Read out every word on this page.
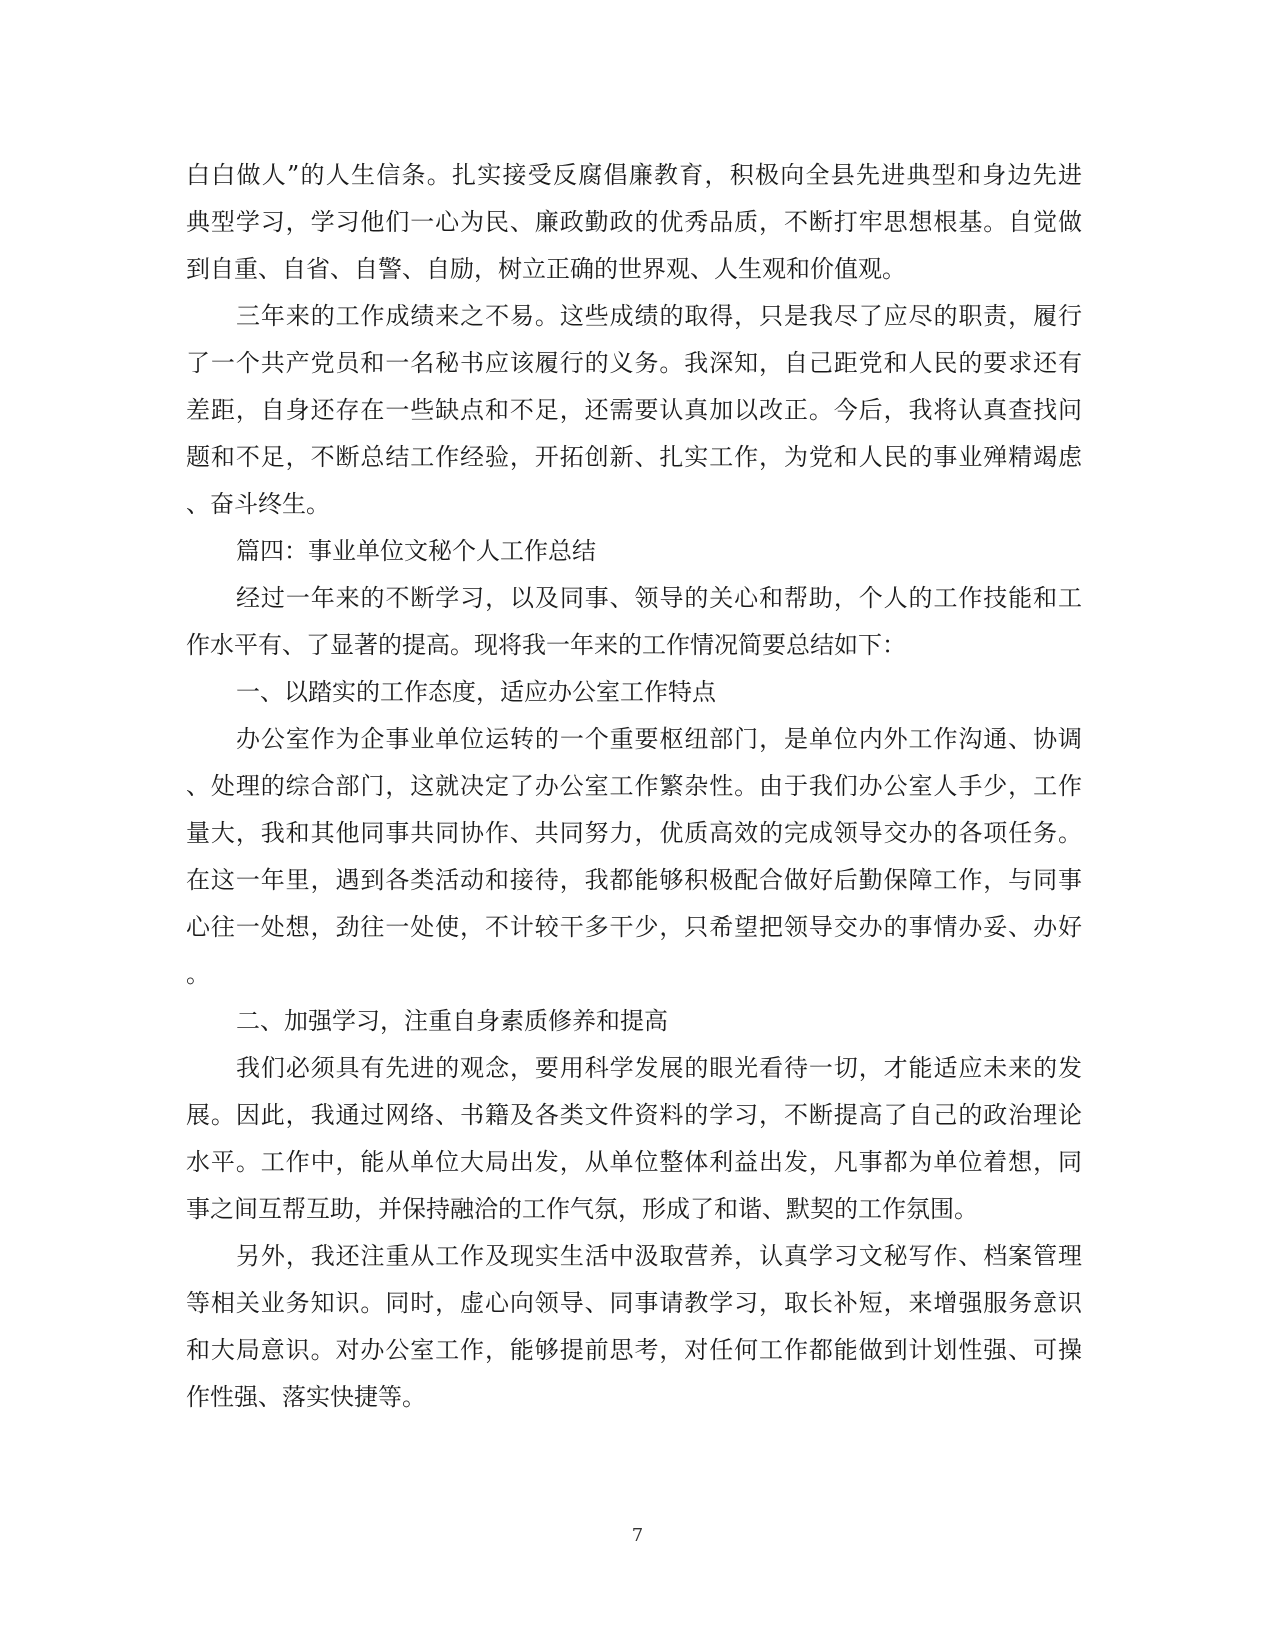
白白做人”的人生信条。扎实接受反腐倡廉教育，积极向全县先进典型和身边先进
典型学习，学习他们一心为民、廉政勤政的优秀品质，不断打牢思想根基。自觉做
到自重、自省、自警、自励，树立正确的世界观、人生观和价值观。
三年来的工作成绩来之不易。这些成绩的取得，只是我尽了应尽的职责，履行
了一个共产党员和一名秘书应该履行的义务。我深知，自己距党和人民的要求还有
差距，自身还存在一些缺点和不足，还需要认真加以改正。今后，我将认真查找问
题和不足，不断总结工作经验，开拓创新、扎实工作，为党和人民的事业殚精竭虑
、奋斗终生。
篇四：事业单位文秘个人工作总结
经过一年来的不断学习，以及同事、领导的关心和帮助，个人的工作技能和工
作水平有、了显著的提高。现将我一年来的工作情况简要总结如下：
一、以踏实的工作态度，适应办公室工作特点
办公室作为企事业单位运转的一个重要枢纽部门，是单位内外工作沟通、协调
、处理的综合部门，这就决定了办公室工作繁杂性。由于我们办公室人手少，工作
量大，我和其他同事共同协作、共同努力，优质高效的完成领导交办的各项任务。
在这一年里，遇到各类活动和接待，我都能够积极配合做好后勤保障工作，与同事
心往一处想，劲往一处使，不计较干多干少，只希望把领导交办的事情办妥、办好
。
二、加强学习，注重自身素质修养和提高
我们必须具有先进的观念，要用科学发展的眼光看待一切，才能适应未来的发
展。因此，我通过网络、书籍及各类文件资料的学习，不断提高了自己的政治理论
水平。工作中，能从单位大局出发，从单位整体利益出发，凡事都为单位着想，同
事之间互帮互助，并保持融洽的工作气氛，形成了和谐、默契的工作氛围。
另外，我还注重从工作及现实生活中汲取营养，认真学习文秘写作、档案管理
等相关业务知识。同时，虚心向领导、同事请教学习，取长补短，来增强服务意识
和大局意识。对办公室工作，能够提前思考，对任何工作都能做到计划性强、可操
作性强、落实快捷等。
7
